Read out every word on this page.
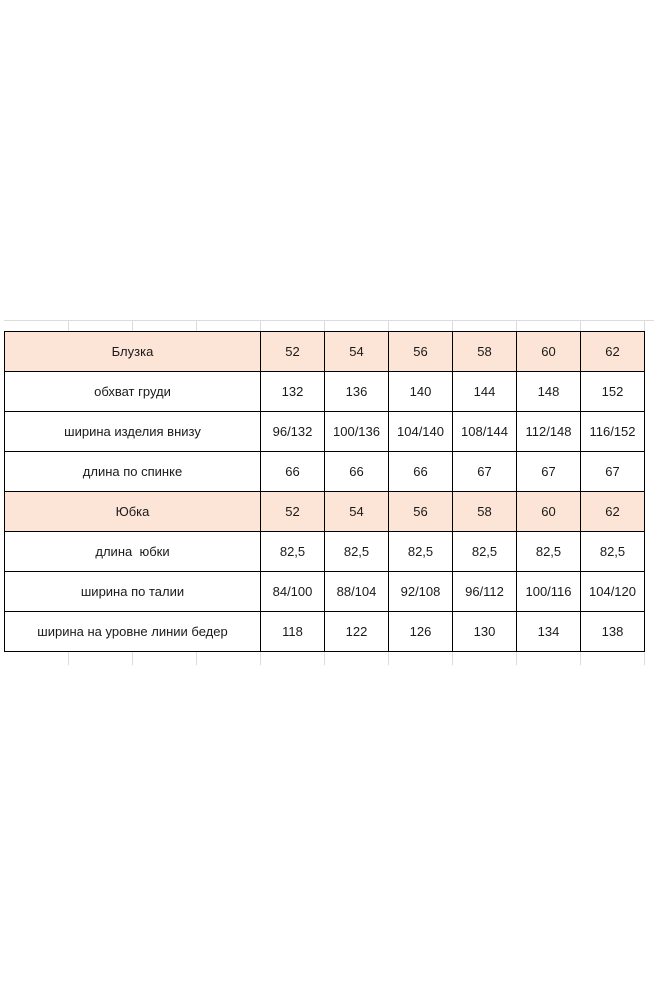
Блузка	52	54	56	58	60	62
обхват груди	132	136	140	144	148	152
ширина изделия внизу	96/132	100/136	104/140	108/144	112/148	116/152
длина по спинке	66	66	66	67	67	67
Юбка	52	54	56	58	60	62
длина  юбки	82,5	82,5	82,5	82,5	82,5	82,5
ширина по талии	84/100	88/104	92/108	96/112	100/116	104/120
ширина на уровне линии бедер	118	122	126	130	134	138
